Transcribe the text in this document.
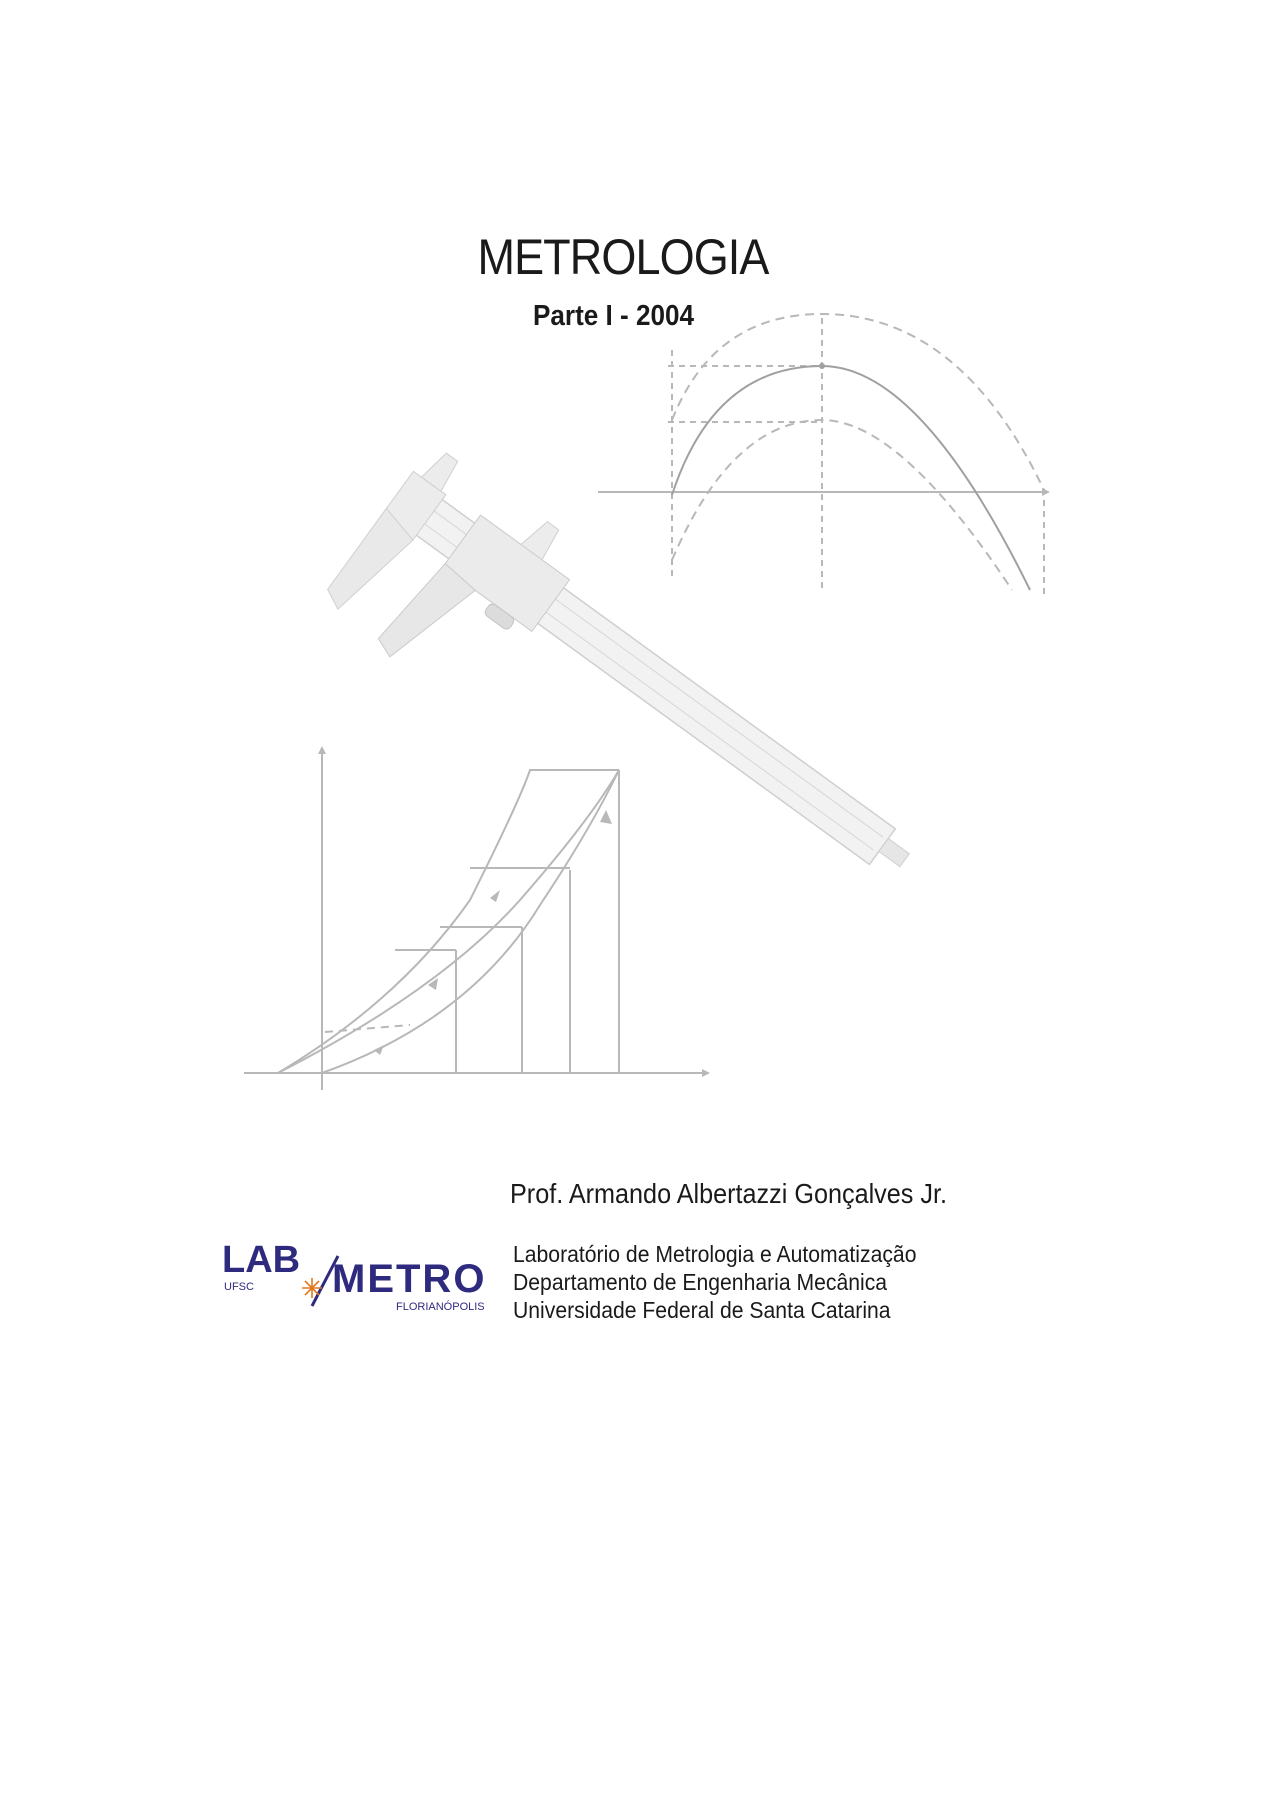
METROLOGIA
Parte I - 2004
Prof. Armando Albertazzi Gonçalves Jr.
LAB
UFSC METRO
FLORIANÓPOLIS
Laboratório de Metrologia e Automatização
Departamento de Engenharia Mecânica
Universidade Federal de Santa Catarina
